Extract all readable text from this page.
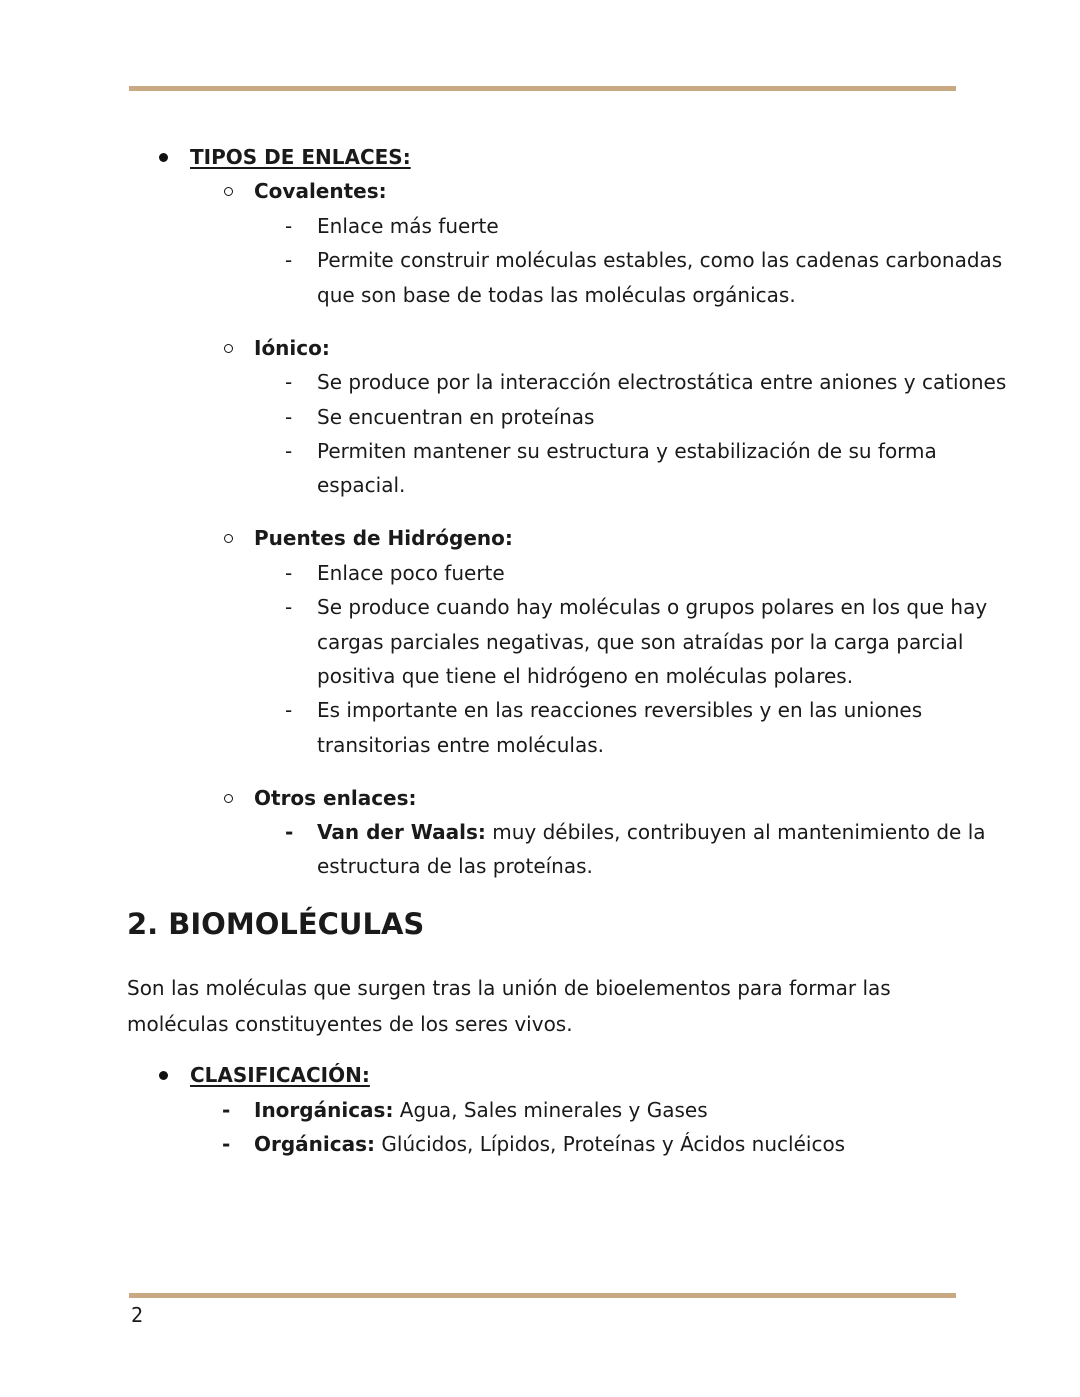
TIPOS DE ENLACES:
Covalentes:
- Enlace más fuerte
- Permite construir moléculas estables, como las cadenas carbonadas
que son base de todas las moléculas orgánicas.
Iónico:
- Se produce por la interacción electrostática entre aniones y cationes
- Se encuentran en proteínas
- Permiten mantener su estructura y estabilización de su forma
espacial.
Puentes de Hidrógeno:
- Enlace poco fuerte
- Se produce cuando hay moléculas o grupos polares en los que hay
cargas parciales negativas, que son atraídas por la carga parcial
positiva que tiene el hidrógeno en moléculas polares.
- Es importante en las reacciones reversibles y en las uniones
transitorias entre moléculas.
Otros enlaces:
- Van der Waals: muy débiles, contribuyen al mantenimiento de la
estructura de las proteínas.
2. BIOMOLÉCULAS
Son las moléculas que surgen tras la unión de bioelementos para formar las moléculas constituyentes de los seres vivos.
CLASIFICACIÓN:
- Inorgánicas: Agua, Sales minerales y Gases
- Orgánicas: Glúcidos, Lípidos, Proteínas y Ácidos nucléicos
2
